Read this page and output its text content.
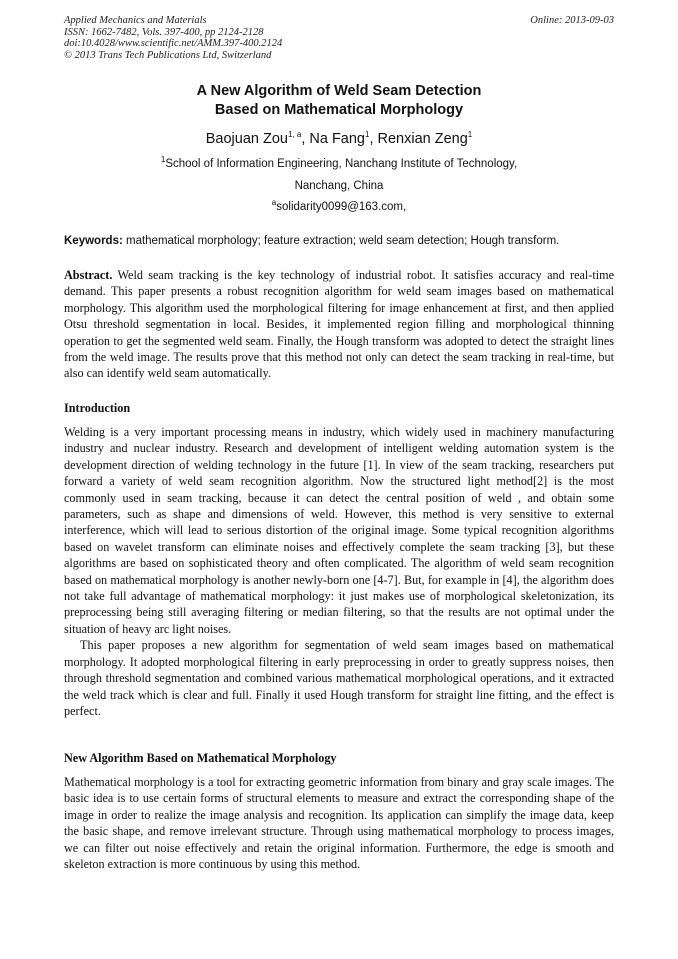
Applied Mechanics and Materials
ISSN: 1662-7482, Vols. 397-400, pp 2124-2128
doi:10.4028/www.scientific.net/AMM.397-400.2124
© 2013 Trans Tech Publications Ltd, Switzerland
Online: 2013-09-03
A New Algorithm of Weld Seam Detection
Based on Mathematical Morphology
Baojuan Zou$^{1, a}$, Na Fang$^1$, Renxian Zeng$^1$
$^1$School of Information Engineering, Nanchang Institute of Technology,
Nanchang, China
$^a$solidarity0099@163.com,
Keywords: mathematical morphology; feature extraction; weld seam detection; Hough transform.

Abstract. Weld seam tracking is the key technology of industrial robot. It satisfies accuracy and real-time demand. This paper presents a robust recognition algorithm for weld seam images based on mathematical morphology. This algorithm used the morphological filtering for image enhancement at first, and then applied Otsu threshold segmentation in local. Besides, it implemented region filling and morphological thinning operation to get the segmented weld seam. Finally, the Hough transform was adopted to detect the straight lines from the weld image. The results prove that this method not only can detect the seam tracking in real-time, but also can identify weld seam automatically.

Introduction

Welding is a very important processing means in industry, which widely used in machinery manufacturing industry and nuclear industry. Research and development of intelligent welding automation system is the development direction of welding technology in the future [1]. In view of the seam tracking, researchers put forward a variety of weld seam recognition algorithm. Now the structured light method[2] is the most commonly used in seam tracking, because it can detect the central position of weld , and obtain some parameters, such as shape and dimensions of weld. However, this method is very sensitive to external interference, which will lead to serious distortion of the original image. Some typical recognition algorithms based on wavelet transform can eliminate noises and effectively complete the seam tracking [3], but these algorithms are based on sophisticated theory and often complicated. The algorithm of weld seam recognition based on mathematical morphology is another newly-born one [4-7]. But, for example in [4], the algorithm does not take full advantage of mathematical morphology: it just makes use of morphological skeletonization, its preprocessing being still averaging filtering or median filtering, so that the results are not optimal under the situation of heavy arc light noises.

This paper proposes a new algorithm for segmentation of weld seam images based on mathematical morphology. It adopted morphological filtering in early preprocessing in order to greatly suppress noises, then through threshold segmentation and combined various mathematical morphological operations, and it extracted the weld track which is clear and full. Finally it used Hough transform for straight line fitting, and the effect is perfect.

New Algorithm Based on Mathematical Morphology

Mathematical morphology is a tool for extracting geometric information from binary and gray scale images. The basic idea is to use certain forms of structural elements to measure and extract the corresponding shape of the image in order to realize the image analysis and recognition. Its application can simplify the image data, keep the basic shape, and remove irrelevant structure. Through using mathematical morphology to process images, we can filter out noise effectively and retain the original information. Furthermore, the edge is smooth and skeleton extraction is more continuous by using this method.
